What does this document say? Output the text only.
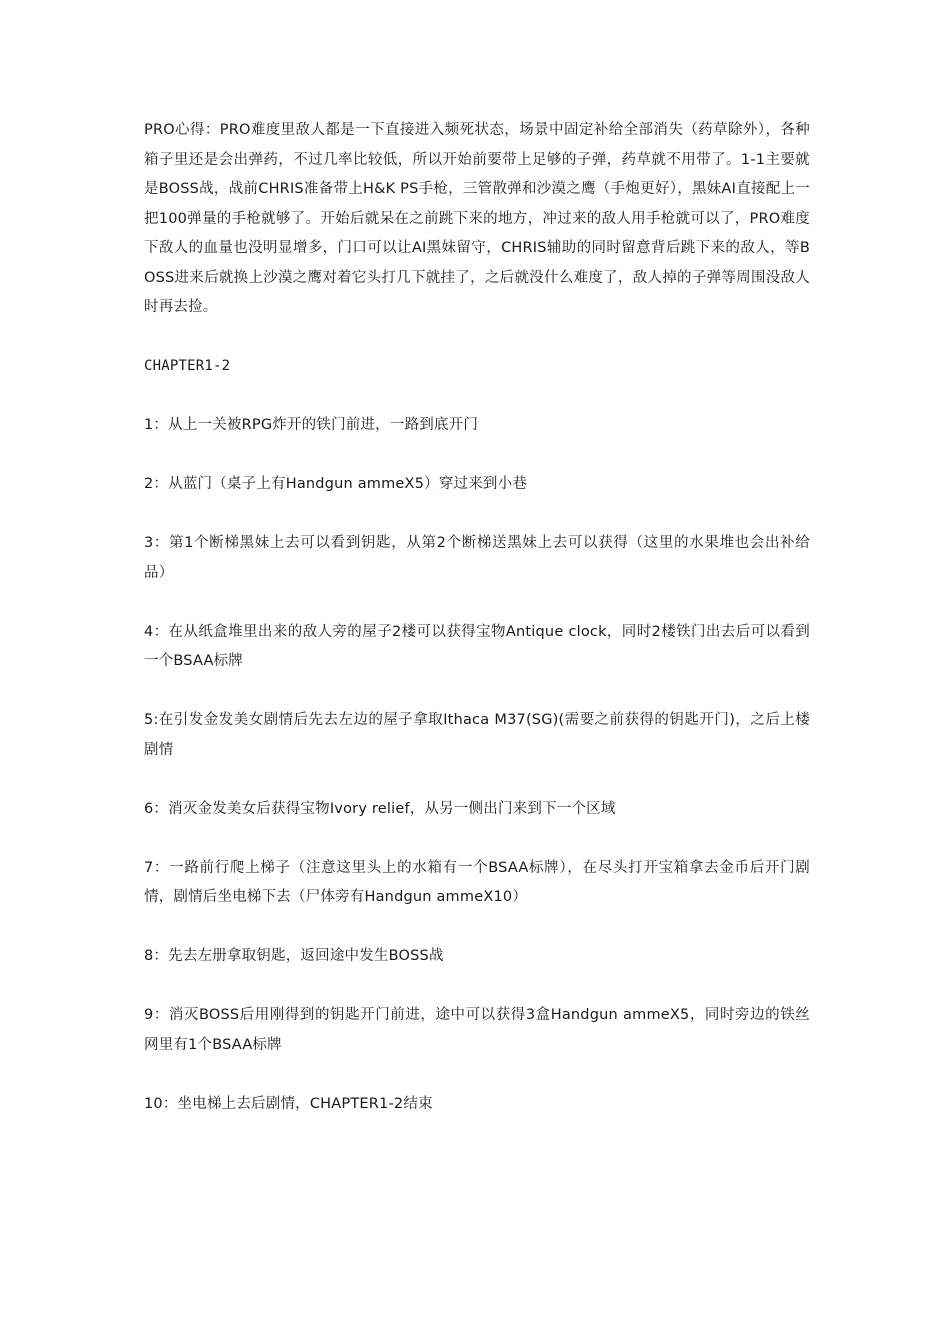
PRO心得：PRO难度里敌人都是一下直接进入频死状态，场景中固定补给全部消失（药草除外），各种箱子里还是会出弹药，不过几率比较低，所以开始前要带上足够的子弹，药草就不用带了。1-1主要就是BOSS战，战前CHRIS准备带上H&K PS手枪，三管散弹和沙漠之鹰（手炮更好），黑妹AI直接配上一把100弹量的手枪就够了。开始后就呆在之前跳下来的地方，冲过来的敌人用手枪就可以了，PRO难度下敌人的血量也没明显增多，门口可以让AI黑妹留守，CHRIS辅助的同时留意背后跳下来的敌人，等BOSS进来后就换上沙漠之鹰对着它头打几下就挂了，之后就没什么难度了，敌人掉的子弹等周围没敌人时再去捡。

CHAPTER1-2

1：从上一关被RPG炸开的铁门前进，一路到底开门

2：从蓝门（桌子上有Handgun ammeX5）穿过来到小巷

3：第1个断梯黑妹上去可以看到钥匙，从第2个断梯送黑妹上去可以获得（这里的水果堆也会出补给品）

4：在从纸盒堆里出来的敌人旁的屋子2楼可以获得宝物Antique clock，同时2楼铁门出去后可以看到一个BSAA标牌

5:在引发金发美女剧情后先去左边的屋子拿取Ithaca M37(SG)(需要之前获得的钥匙开门)，之后上楼剧情

6：消灭金发美女后获得宝物Ivory relief，从另一侧出门来到下一个区域

7：一路前行爬上梯子（注意这里头上的水箱有一个BSAA标牌），在尽头打开宝箱拿去金币后开门剧情，剧情后坐电梯下去（尸体旁有Handgun ammeX10）

8：先去左册拿取钥匙，返回途中发生BOSS战

9：消灭BOSS后用刚得到的钥匙开门前进，途中可以获得3盒Handgun ammeX5，同时旁边的铁丝网里有1个BSAA标牌

10：坐电梯上去后剧情，CHAPTER1-2结束
